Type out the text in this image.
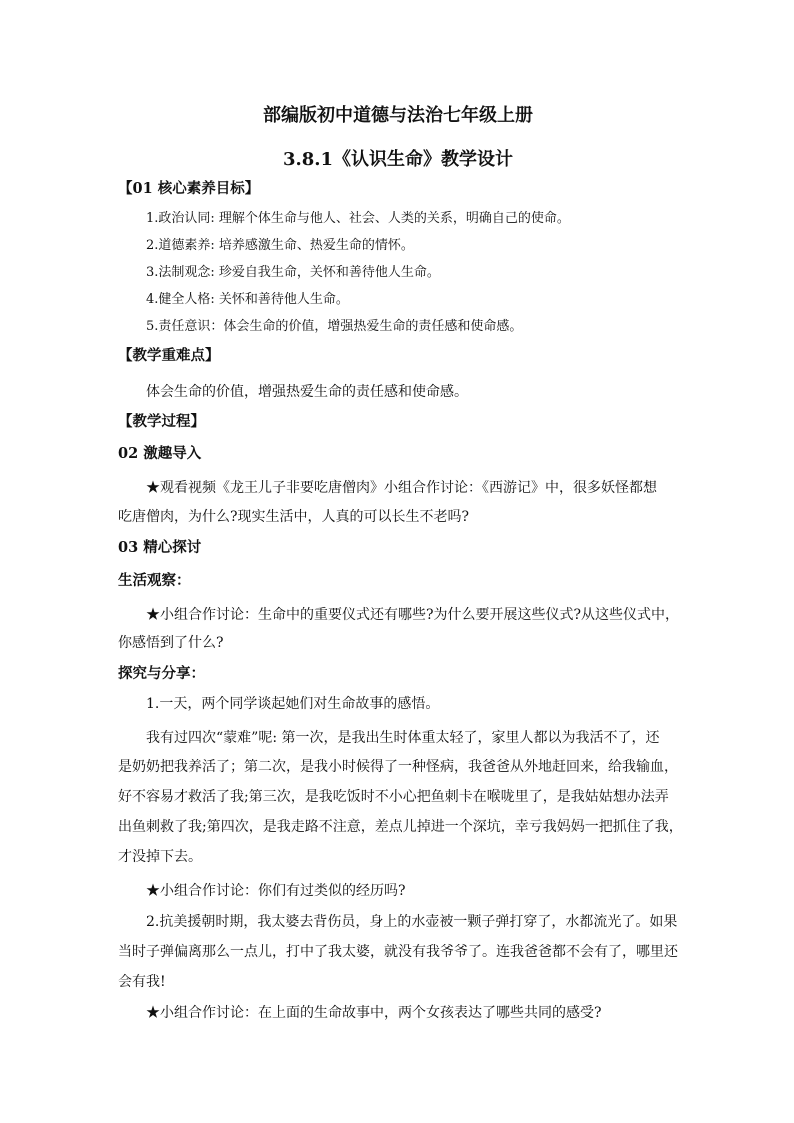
部编版初中道德与法治七年级上册
3.8.1《认识生命》教学设计
【01 核心素养目标】
1.政治认同: 理解个体生命与他人、社会、人类的关系，明确自己的使命。
2.道德素养: 培养感激生命、热爱生命的情怀。
3.法制观念: 珍爱自我生命，关怀和善待他人生命。
4.健全人格: 关怀和善待他人生命。
5.责任意识：体会生命的价值，增强热爱生命的责任感和使命感。
【教学重难点】
体会生命的价值，增强热爱生命的责任感和使命感。
【教学过程】
02 激趣导入
★观看视频《龙王儿子非要吃唐僧肉》小组合作讨论：《西游记》中，很多妖怪都想
吃唐僧肉，为什么?现实生活中，人真的可以长生不老吗?
03 精心探讨
生活观察：
★小组合作讨论：生命中的重要仪式还有哪些?为什么要开展这些仪式?从这些仪式中，
你感悟到了什么?
探究与分享：
1.一天，两个同学谈起她们对生命故事的感悟。
我有过四次“蒙难”呢: 第一次，是我出生时体重太轻了，家里人都以为我活不了，还
是奶奶把我养活了；第二次，是我小时候得了一种怪病，我爸爸从外地赶回来，给我输血，
好不容易才救活了我;第三次，是我吃饭时不小心把鱼刺卡在喉咙里了，是我姑姑想办法弄
出鱼刺救了我;第四次，是我走路不注意，差点儿掉进一个深坑，幸亏我妈妈一把抓住了我，
才没掉下去。
★小组合作讨论：你们有过类似的经历吗?
2.抗美援朝时期，我太婆去背伤员，身上的水壶被一颗子弹打穿了，水都流光了。如果
当时子弹偏离那么一点儿，打中了我太婆，就没有我爷爷了。连我爸爸都不会有了，哪里还
会有我!
★小组合作讨论：在上面的生命故事中，两个女孩表达了哪些共同的感受?
